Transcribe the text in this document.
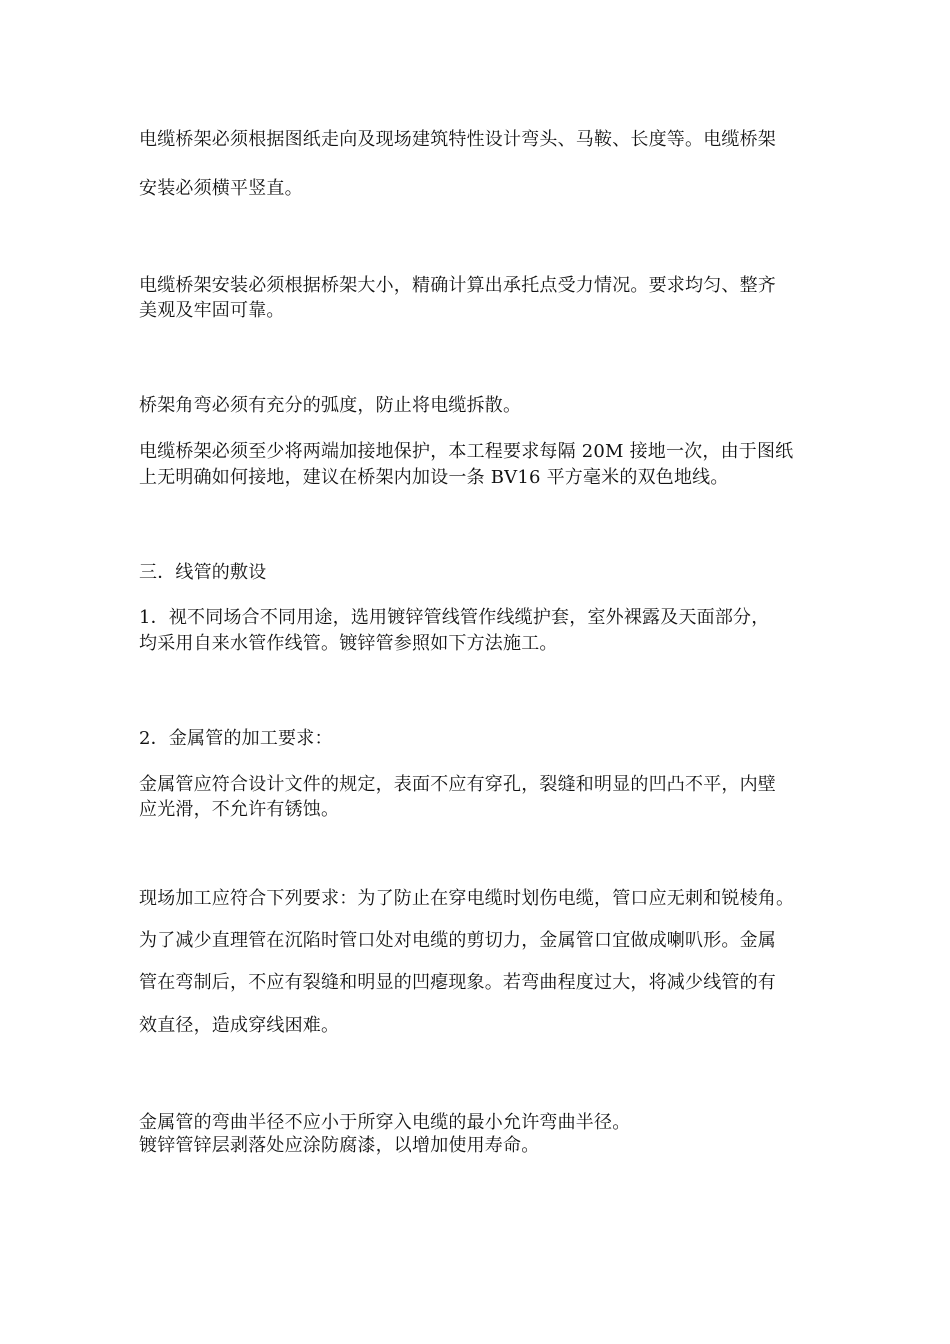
电缆桥架必须根据图纸走向及现场建筑特性设计弯头、马鞍、长度等。电缆桥架
安装必须横平竖直。
电缆桥架安装必须根据桥架大小，精确计算出承托点受力情况。要求均匀、整齐
美观及牢固可靠。
桥架角弯必须有充分的弧度，防止将电缆拆散。
电缆桥架必须至少将两端加接地保护，本工程要求每隔 20M 接地一次，由于图纸
上无明确如何接地，建议在桥架内加设一条 BV16 平方毫米的双色地线。
三．线管的敷设
1．视不同场合不同用途，选用镀锌管线管作线缆护套，室外裸露及天面部分，
均采用自来水管作线管。镀锌管参照如下方法施工。
2．金属管的加工要求：
金属管应符合设计文件的规定，表面不应有穿孔，裂缝和明显的凹凸不平，内壁
应光滑，不允许有锈蚀。
现场加工应符合下列要求：为了防止在穿电缆时划伤电缆，管口应无刺和锐棱角。
为了减少直理管在沉陷时管口处对电缆的剪切力，金属管口宜做成喇叭形。金属
管在弯制后，不应有裂缝和明显的凹瘪现象。若弯曲程度过大，将减少线管的有
效直径，造成穿线困难。
金属管的弯曲半径不应小于所穿入电缆的最小允许弯曲半径。
镀锌管锌层剥落处应涂防腐漆，以增加使用寿命。
